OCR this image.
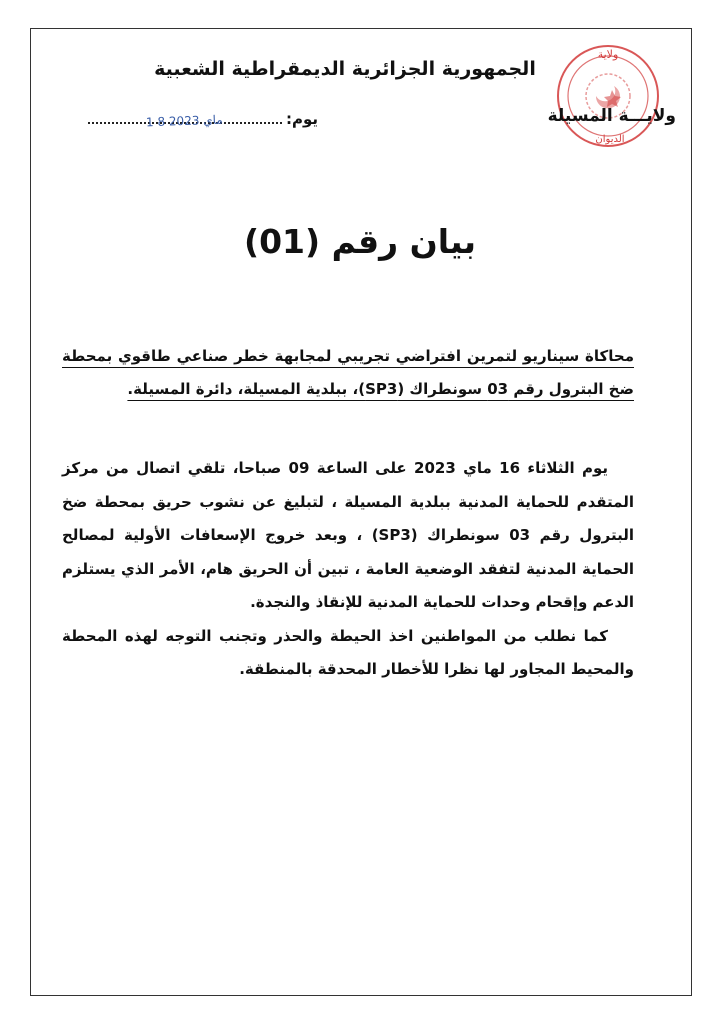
الجمهورية الجزائرية الديمقراطية الشعبية
ولاية
الديوان
ولايـــة المسيلة
يوم:
1 8 ماي 2023
بيان رقم (01)
محاكاة سيناريو لتمرين افتراضي تجريبي لمجابهة خطر صناعي طاقوي بمحطة ضخ البترول رقم 03 سونطراك (SP3)، ببلدية المسيلة، دائرة المسيلة.

يوم الثلاثاء 16 ماي 2023 على الساعة 09 صباحا، تلقي اتصال من مركز المتقدم للحماية المدنية ببلدية المسيلة ، لتبليغ عن نشوب حريق بمحطة ضخ البترول رقم 03 سونطراك (SP3) ، وبعد خروج الإسعافات الأولية لمصالح الحماية المدنية لتفقد الوضعية العامة ، تبين أن الحريق هام، الأمر الذي يستلزم الدعم وإقحام وحدات للحماية المدنية للإنقاذ والنجدة.

كما نطلب من المواطنين اخذ الحيطة والحذر وتجنب التوجه لهذه المحطة والمحيط المجاور لها نظرا للأخطار المحدقة بالمنطقة.
